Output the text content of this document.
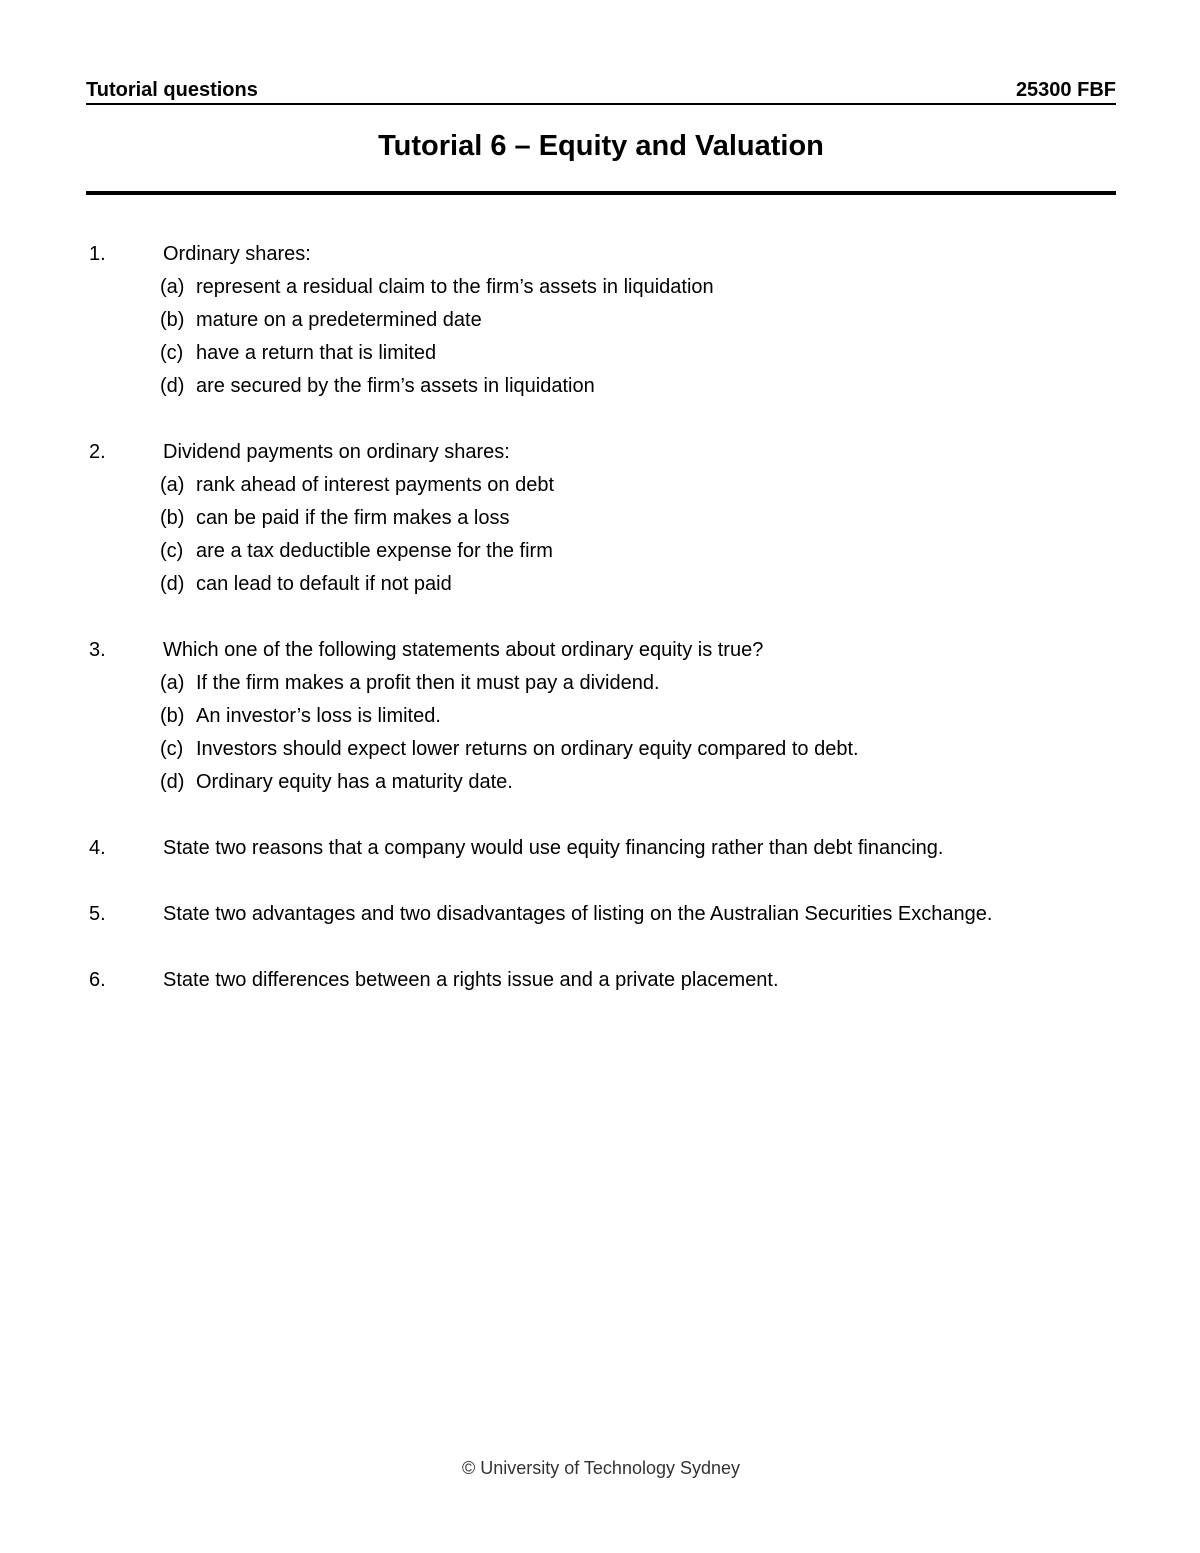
Tutorial questions	25300 FBF
Tutorial 6 – Equity and Valuation
1.	Ordinary shares:
(a) represent a residual claim to the firm’s assets in liquidation
(b) mature on a predetermined date
(c) have a return that is limited
(d) are secured by the firm’s assets in liquidation
2.	Dividend payments on ordinary shares:
(a) rank ahead of interest payments on debt
(b) can be paid if the firm makes a loss
(c) are a tax deductible expense for the firm
(d) can lead to default if not paid
3.	Which one of the following statements about ordinary equity is true?
(a) If the firm makes a profit then it must pay a dividend.
(b) An investor’s loss is limited.
(c) Investors should expect lower returns on ordinary equity compared to debt.
(d) Ordinary equity has a maturity date.
4.	State two reasons that a company would use equity financing rather than debt financing.
5.	State two advantages and two disadvantages of listing on the Australian Securities Exchange.
6.	State two differences between a rights issue and a private placement.
© University of Technology Sydney
